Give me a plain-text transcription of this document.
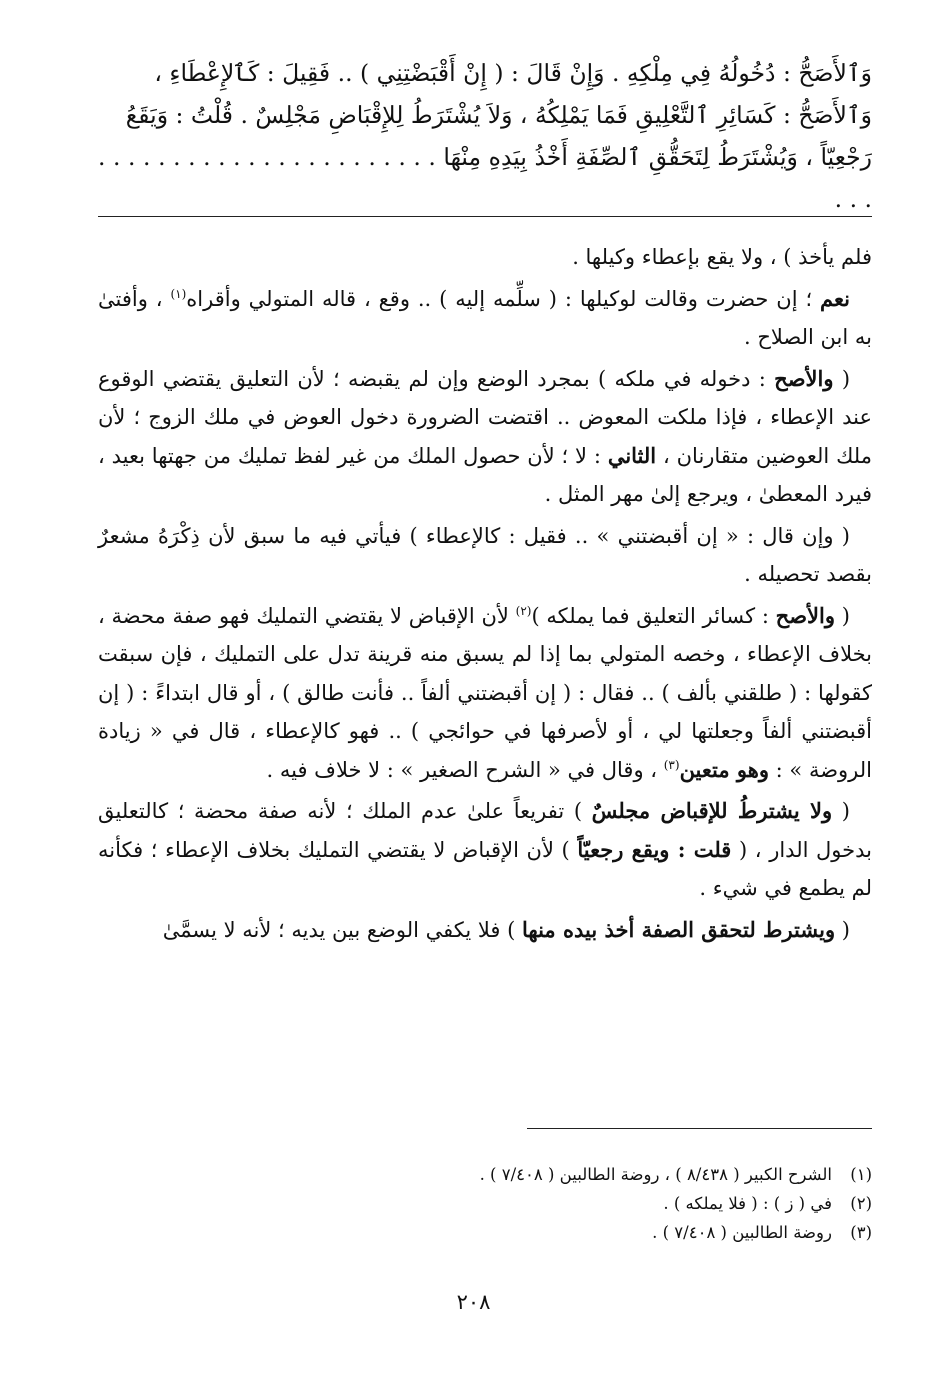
وَٱلأَصَحُّ : دُخُولُهُ فِي مِلْكِهِ . وَإِنْ قَالَ : ( إِنْ أَقْبَضْتِنِي ) .. فَقِيلَ : كَٱلإِعْطَاءِ ،

وَٱلأَصَحُّ : كَسَائِرِ ٱلتَّعْلِيقِ فَمَا يَمْلِكُهُ ، وَلاَ يُشْتَرَطُ لِلإِقْبَاضِ مَجْلِسٌ . قُلْتُ : وَيَقَعُ

رَجْعِيّاً ، وَيُشْتَرَطُ لِتَحَقُّقِ ٱلصِّفَةِ أَخْذُ بِيَدِهِ مِنْهَا . . . . . . . . . . . . . . . . . . . . . . . . . .

فلم يأخذ ) ، ولا يقع بإعطاء وكيلها .

نعم ؛ إن حضرت وقالت لوكيلها : ( سلِّمه إليه ) .. وقع ، قاله المتولي وأقراه$^{(١)}$ ، وأفتىٰ به ابن الصلاح .

( والأصح : دخوله في ملكه ) بمجرد الوضع وإن لم يقبضه ؛ لأن التعليق يقتضي الوقوع عند الإعطاء ، فإذا ملكت المعوض .. اقتضت الضرورة دخول العوض في ملك الزوج ؛ لأن ملك العوضين متقارنان ، الثاني : لا ؛ لأن حصول الملك من غير لفظ تمليك من جهتها بعيد ، فيرد المعطىٰ ، ويرجع إلىٰ مهر المثل .

( وإن قال : « إن أقبضتني » .. فقيل : كالإعطاء ) فيأتي فيه ما سبق لأن ذِكْرَهُ مشعرٌ بقصد تحصيله .

( والأصح : كسائر التعليق فما يملكه )$^{(٢)}$ لأن الإقباض لا يقتضي التمليك فهو صفة محضة ، بخلاف الإعطاء ، وخصه المتولي بما إذا لم يسبق منه قرينة تدل على التمليك ، فإن سبقت كقولها : ( طلقني بألف ) .. فقال : ( إن أقبضتني ألفاً .. فأنت طالق ) ، أو قال ابتداءً : ( إن أقبضتني ألفاً وجعلتها لي ، أو لأصرفها في حوائجي ) .. فهو كالإعطاء ، قال في « زيادة الروضة » : وهو متعين$^{(٣)}$ ، وقال في « الشرح الصغير » : لا خلاف فيه .

( ولا يشترطُ للإقباض مجلسٌ ) تفريعاً علىٰ عدم الملك ؛ لأنه صفة محضة ؛ كالتعليق بدخول الدار ، ( قلت : ويقع رجعيّاً ) لأن الإقباض لا يقتضي التمليك بخلاف الإعطاء ؛ فكأنه لم يطمع في شيء .

( ويشترط لتحقق الصفة أخذ بيده منها ) فلا يكفي الوضع بين يديه ؛ لأنه لا يسمَّىٰ

(١)الشرح الكبير ( ٨/٤٣٨ ) ، روضة الطالبين ( ٧/٤٠٨ ) .
(٢)في ( ز ) : ( فلا يملكه ) .
(٣)روضة الطالبين ( ٧/٤٠٨ ) .
٢٠٨
